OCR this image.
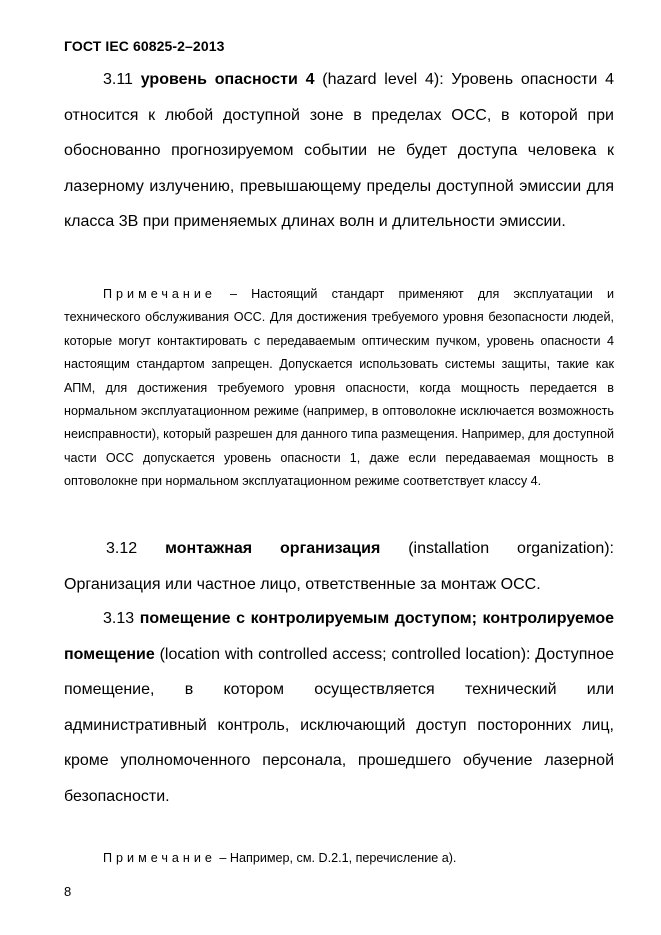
ГОСТ IEC 60825-2–2013
3.11 уровень опасности 4 (hazard level 4): Уровень опасности 4 относится к любой доступной зоне в пределах ОСС, в которой при обоснованно прогнозируемом событии не будет доступа человека к лазерному излучению, превышающему пределы доступной эмиссии для класса 3В при применяемых длинах волн и длительности эмиссии.
Примечание – Настоящий стандарт применяют для эксплуатации и технического обслуживания ОСС. Для достижения требуемого уровня безопасности людей, которые могут контактировать с передаваемым оптическим пучком, уровень опасности 4 настоящим стандартом запрещен. Допускается использовать системы защиты, такие как АПМ, для достижения требуемого уровня опасности, когда мощность передается в нормальном эксплуатационном режиме (например, в оптоволокне исключается возможность неисправности), который разрешен для данного типа размещения. Например, для доступной части ОСС допускается уровень опасности 1, даже если передаваемая мощность в оптоволокне при нормальном эксплуатационном режиме соответствует классу 4.
3.12 монтажная организация (installation organization): Организация или частное лицо, ответственные за монтаж ОСС.
3.13 помещение с контролируемым доступом; контролируемое помещение (location with controlled access; controlled location): Доступное помещение, в котором осуществляется технический или административный контроль, исключающий доступ посторонних лиц, кроме уполномоченного персонала, прошедшего обучение лазерной безопасности.
Примечание – Например, см. D.2.1, перечисление а).
8
